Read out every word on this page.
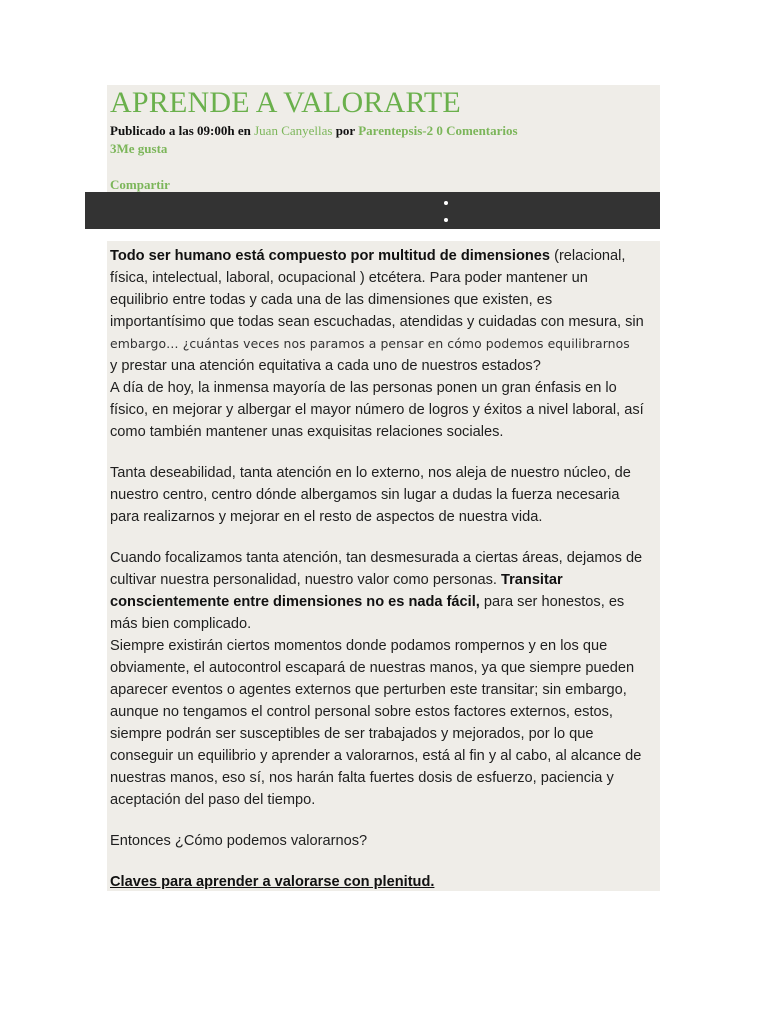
APRENDE A VALORARTE
Publicado a las 09:00h en Juan Canyellas por Parentepsis-2 0 Comentarios
3Me gusta
Compartir

Todo ser humano está compuesto por multitud de dimensiones (relacional,
física, intelectual, laboral, ocupacional ) etcétera. Para poder mantener un
equilibrio entre todas y cada una de las dimensiones que existen, es
importantísimo que todas sean escuchadas, atendidas y cuidadas con mesura, sin
embargo… ¿cuántas veces nos paramos a pensar en cómo podemos equilibrarnos
y prestar una atención equitativa a cada uno de nuestros estados?
A día de hoy, la inmensa mayoría de las personas ponen un gran énfasis en lo
físico, en mejorar y albergar el mayor número de logros y éxitos a nivel laboral, así
como también mantener unas exquisitas relaciones sociales.

Tanta deseabilidad, tanta atención en lo externo, nos aleja de nuestro núcleo, de
nuestro centro, centro dónde albergamos sin lugar a dudas la fuerza necesaria
para realizarnos y mejorar en el resto de aspectos de nuestra vida.

Cuando focalizamos tanta atención, tan desmesurada a ciertas áreas, dejamos de
cultivar nuestra personalidad, nuestro valor como personas. Transitar
conscientemente entre dimensiones no es nada fácil, para ser honestos, es
más bien complicado.
Siempre existirán ciertos momentos donde podamos rompernos y en los que
obviamente, el autocontrol escapará de nuestras manos, ya que siempre pueden
aparecer eventos o agentes externos que perturben este transitar; sin embargo,
aunque no tengamos el control personal sobre estos factores externos, estos,
siempre podrán ser susceptibles de ser trabajados y mejorados, por lo que
conseguir un equilibrio y aprender a valorarnos, está al fin y al cabo, al alcance de
nuestras manos, eso sí, nos harán falta fuertes dosis de esfuerzo, paciencia y
aceptación del paso del tiempo.

Entonces ¿Cómo podemos valorarnos?

Claves para aprender a valorarse con plenitud.
